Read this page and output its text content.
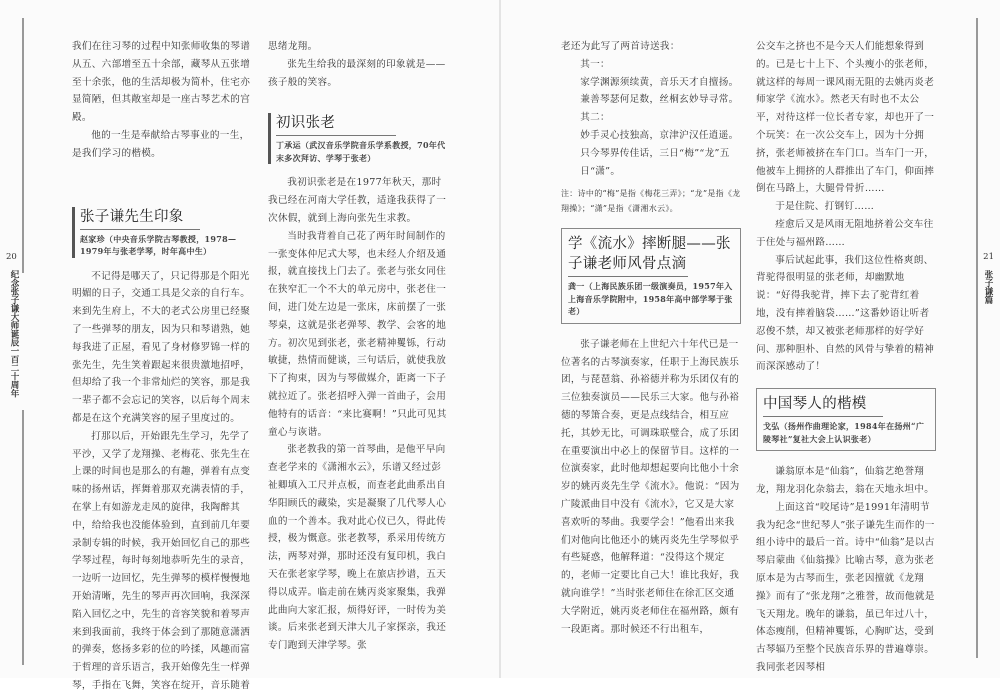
我们在往习琴的过程中知张师收集的琴谱从五、六部增至五十余部，藏琴从五张增至十余张，他的生活却极为简朴，住宅亦显简陋，但其敞室却是一座古琴艺术的宫殿。

他的一生是奉献给古琴事业的一生，是我们学习的楷模。

张子谦先生印象
赵家珍（中央音乐学院古琴教授，1978—1979年与张老学琴，时年高中生）

不记得是哪天了，只记得那是个阳光明媚的日子，交通工具是父亲的自行车。来到先生府上，不大的老式公房里已经聚了一些弹琴的朋友，因为只和琴谱熟，她每我进了正屋，看见了身材修罗锦一样的张先生，先生笑着跟起来很贵激地招呼，但却给了我一个非常灿烂的笑容，那是我一辈子都不会忘记的笑容，以后每个周末都是在这个充满笑容的屋子里度过的。

打那以后，开始跟先生学习，先学了平沙，又学了龙翔操、老梅花、张先生在上课的时间也是那么的有趣，弹着有点变味的扬州话，挥舞着那双充满表情的手，在掌上有如游龙走凤的旋律，我陶醉其中，给给我也没能体验到，直到前几年要录制专辑的时候，我开始回忆自己的那些学琴过程，每时每刻地恭听先生的录音，一边听一边回忆，先生弹琴的模样慢慢地开始清晰，先生的琴声再次回响，我深深陷入回忆之中，先生的音容笑貌和着琴声来到我面前，我终于体会到了那随意潇洒的弹奏，悠扬多彩的位的吟揉，风趣而富于哲理的音乐语言，我开始像先生一样弹琴，手指在飞舞，笑容在绽开，音乐随着

思绪龙翔。

张先生给我的最深刻的印象就是——孩子般的笑容。

初识张老
丁承运（武汉音乐学院音乐学系教授，70年代末多次拜访、学琴于张老）

我初识张老是在1977年秋天，那时我已经在河南大学任教，适逢我获得了一次休假，就到上海向张先生求教。

当时我背着自己花了两年时间制作的一张变体仲尼式大琴，也未经人介绍及通报，就直接找上门去了。张老与张女同住在狭窄汇一个不大的单元房中，张老住一间，进门处左边是一张床，床前摆了一张琴桌，这就是张老弹琴、教学、会客的地方。初次见到张老，张老精神矍铄，行动敏捷，热情而健谈，三句话后，就使我放下了拘束，因为与琴做媒介，距离一下子就拉近了。张老招呼入弹一首曲子，会用他特有的话音：“来比赛啊！”只此可见其童心与诙谐。

张老教我的第一首琴曲，是他平早向查老学来的《潇湘水云》，乐谱又经过彭祉卿填入工尺并点板，而查老此曲系出自华阳顾氏的藏染，实是凝聚了几代琴人心血的一个善本。我对此心仪已久，得此传授，极为慨意。张老教琴，系采用传统方法，两琴对弹，那时还没有复印机，我白天在张老家学琴，晚上在旅店抄谱，五天得以成弄。临走前在姚丙炎家聚集，我弹此曲向大家汇报，烦得好评，一时传为美谈。后来张老到天津大儿子家探亲，我还专门跑到天津学琴。张

20
纪念张子谦大师诞辰一百二十周年

老还为此写了两首诗送我：

其一：

家学渊源须续黄，音乐天才自擅扬。兼善琴瑟何足数，丝桐玄妙导寻常。

其二：

妙手灵心技独高，京津沪汉任逍遥。只今琴界传佳话，三日“梅”“龙”五日“潇”。

注：诗中的“梅”是指《梅花三弄》；“龙”是指《龙翔操》；“潇”是指《潇湘水云》。

学《流水》摔断腿——张子谦老师风骨点滴
龚一（上海民族乐团一级演奏员，1957年入上海音乐学院附中，1958年高中部学琴于张老）

张子谦老师在上世纪六十年代已是一位著名的古琴演奏家，任职于上海民族乐团，与琵琶翁、孙裕德并称为乐团仅有的三位独奏演员——民乐三大家。他与孙裕德的琴箫合奏，更是点线结合，相互应托，其妙无比，可调珠联璧合，成了乐团在重要演出中必上的保留节目。这样的一位演奏家，此时他却想起要向比他小十余岁的姚丙炎先生学《流水》。他说：“因为广陵派曲目中没有《流水》，它又是大家喜欢听的琴曲。我要学会！”他看出来我们对他向比他还小的姚丙炎先生学琴似乎有些疑惑，他解释道：“没得这个规定的，老师一定要比自己大！谁比我好，我就向谁学！”当时张老师住在徐汇区交通大学附近，姚丙炎老师住在福州路，颇有一段距离。那时候还不行出租车，

公交车之挤也不是今天人们能想象得到的。已是七十上下、个头瘦小的张老师，就这样的每周一课风雨无阻的去姚丙炎老师家学《流水》。然老天有时也不太公平，对待这样一位长者专家，却也开了一个玩笑：在一次公交车上，因为十分拥挤，张老师被挤在车门口。当车门一开，他被车上拥挤的人群推出了车门，仰面摔倒在马路上，大腿骨骨折……

于是住院、打钢钉……

痊愈后又是风雨无阻地挤着公交车往于住处与福州路……

事后试起此事，我们这位性格爽朗、背驼得很明显的张老师，却幽默地说：“好得我驼背，摔下去了驼背红着地，没有摔着脑袋……”这番妙语让听者忍俊不禁，却又被张老师那样的好学好问、那种胆朴、自然的风骨与挚着的精神而深深感动了！

中国琴人的楷模
戈弘（扬州作曲理论家，1984年在扬州“广陵琴社”复社大会上认识张老）

谦翁原本是“仙翁”，仙翁艺绝誉翔龙，翔龙羽化杂翁去，翁在天地永坦中。

上面这首“咬尾诗”是1991年清明节我为纪念“世纪琴人”张子谦先生而作的一组小诗中的最后一首。诗中“仙翁”是以古琴启蒙曲《仙翁操》比喻古琴，意为张老原本是为古琴而生，张老因擅就《龙翔操》而有了“张龙翔”之雅誉，故而他就是飞天翔龙。晚年的谦翁，虽已年过八十，体态瘦削，但精神矍铄，心胸旷达，受到古琴辐乃至整个民族音乐界的普遍尊崇。我同张老因琴相

21
张子谦篇
